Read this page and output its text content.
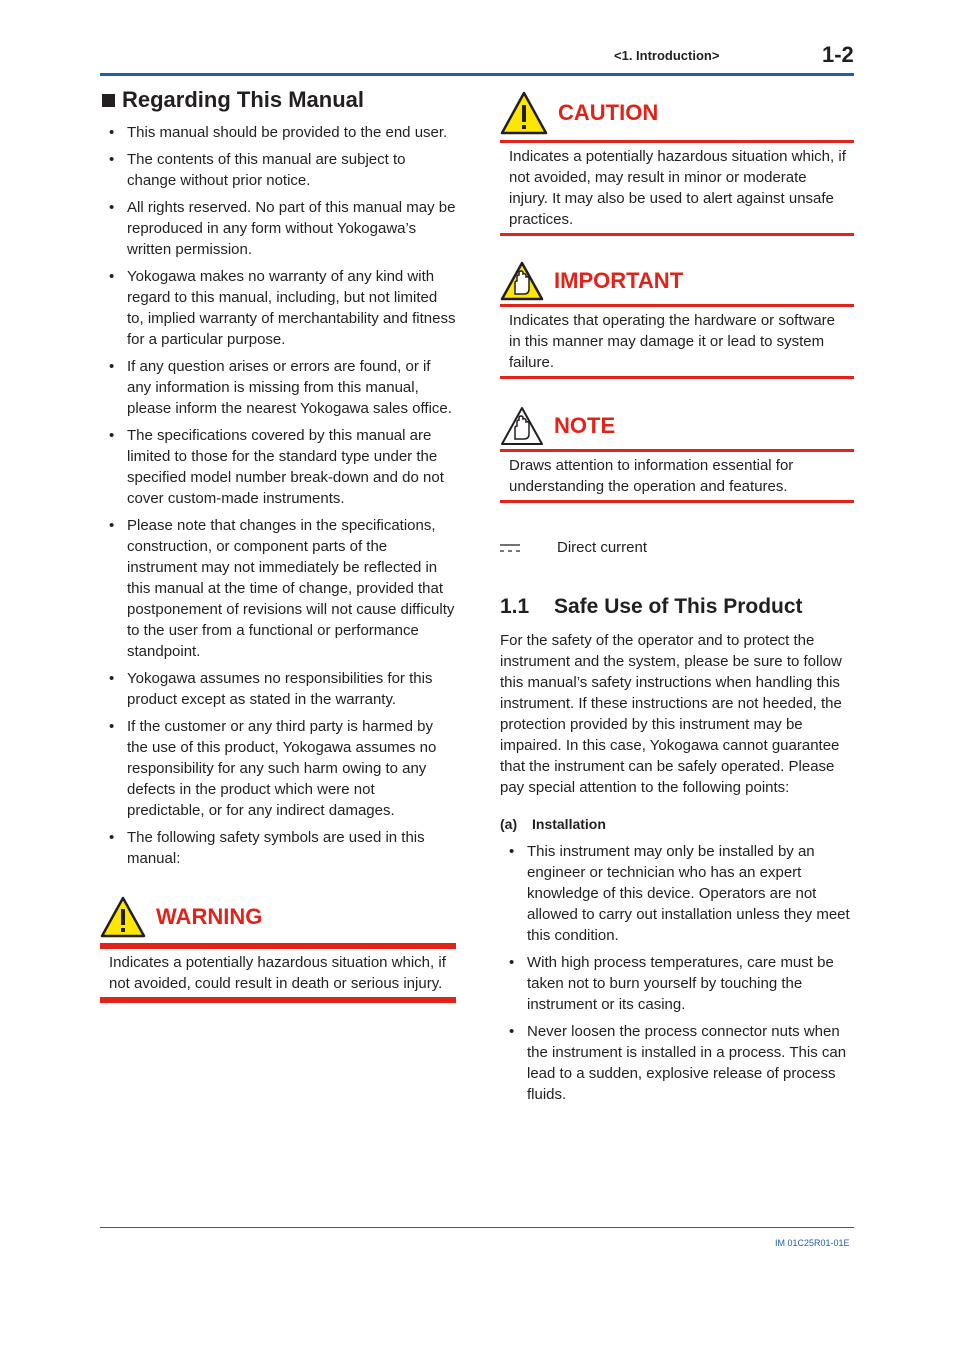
<1. Introduction>	1-2
Regarding This Manual
• This manual should be provided to the end user.
• The contents of this manual are subject to change without prior notice.
• All rights reserved. No part of this manual may be reproduced in any form without Yokogawa’s written permission.
• Yokogawa makes no warranty of any kind with regard to this manual, including, but not limited to, implied warranty of merchantability and fitness for a particular purpose.
• If any question arises or errors are found, or if any information is missing from this manual, please inform the nearest Yokogawa sales office.
• The specifications covered by this manual are limited to those for the standard type under the specified model number break-down and do not cover custom-made instruments.
• Please note that changes in the specifications, construction, or component parts of the instrument may not immediately be reflected in this manual at the time of change, provided that postponement of revisions will not cause difficulty to the user from a functional or performance standpoint.
• Yokogawa assumes no responsibilities for this product except as stated in the warranty.
• If the customer or any third party is harmed by the use of this product, Yokogawa assumes no responsibility for any such harm owing to any defects in the product which were not predictable, or for any indirect damages.
• The following safety symbols are used in this manual:
WARNING
Indicates a potentially hazardous situation which, if not avoided, could result in death or serious injury.
CAUTION
Indicates a potentially hazardous situation which, if not avoided, may result in minor or moderate injury. It may also be used to alert against unsafe practices.
IMPORTANT
Indicates that operating the hardware or software in this manner may damage it or lead to system failure.
NOTE
Draws attention to information essential for understanding the operation and features.
Direct current
1.1 Safe Use of This Product
For the safety of the operator and to protect the instrument and the system, please be sure to follow this manual’s safety instructions when handling this instrument. If these instructions are not heeded, the protection provided by this instrument may be impaired. In this case, Yokogawa cannot guarantee that the instrument can be safely operated. Please pay special attention to the following points:
(a) Installation
• This instrument may only be installed by an engineer or technician who has an expert knowledge of this device. Operators are not allowed to carry out installation unless they meet this condition.
• With high process temperatures, care must be taken not to burn yourself by touching the instrument or its casing.
• Never loosen the process connector nuts when the instrument is installed in a process. This can lead to a sudden, explosive release of process fluids.
IM 01C25R01-01E
